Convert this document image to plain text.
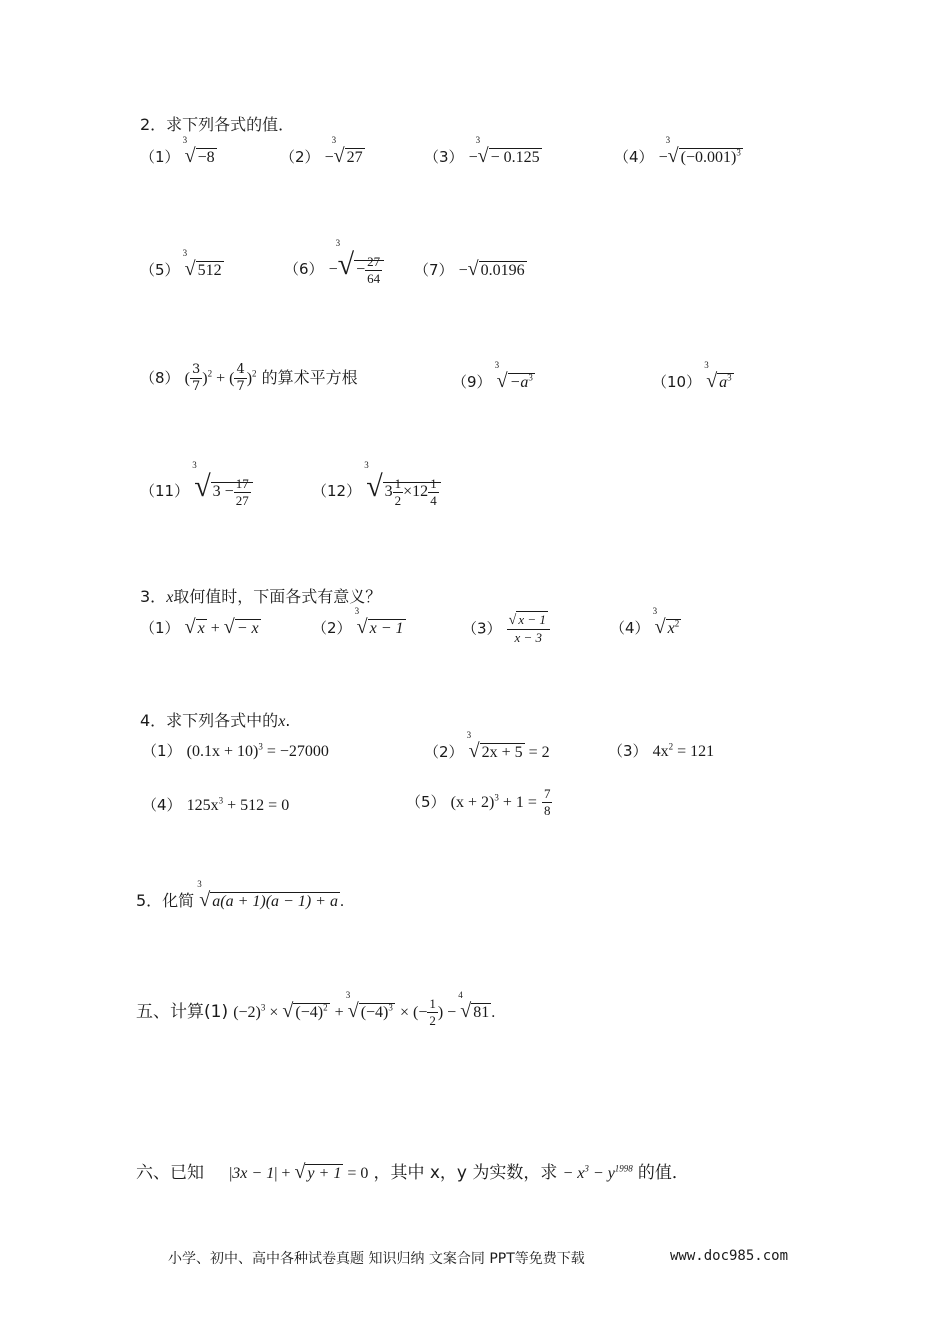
2．求下列各式的值．
（1）
3
√ −8	（2） −
3
√ 27	（3） −
3
√ − 0.125	（4） −
3
√ $(-0.001)^3$
（5）
3
√ 512	（6） −
3
√ − $\frac{27}{64} (7)$ −√ 0.0196
（8） ( $\frac{3}{7} )^2$ + ( $\frac{4}{7} )^2$ 的算术平方根	（9）
3
√ $-a^3$	（10）
3
√ $a^3$
（11）
3
√ $3 - \frac{17}{27}$	（12）
3
√ $3 \frac{1}{2} \times 12 \frac{1}{4}$
3．x取何值时，下面各式有意义？
（1） √ x + √ − x	（2）
3
√ x − 1	$(3) \frac{√ x - 1}{x - 3}$	（4）
3
√ $x^2$
4．求下列各式中的x.
（1） $(0.1x + 10)^3 = -27000$	（2）
3
√ 2x + 5 = 2	（3） $4x^2 = 121$
（4） $125x^3 + 512 = 0$	（5） $(x + 2)^3 + 1 = \frac{7}{8}$
5．化简
3
√ a(a + 1)(a − 1) + a .
五、计算(1) $(-2)^3$ × √ $(-4)^2$ +
3
√ $(-4)^3$ × (− $\frac{1}{2}$ ) −
4
√ 81 .
六、已知 |3x − 1| + √ y + 1 = 0 ，其中 x，y 为实数，求 − $x^3 - y^{1998}$ 的值．
小学、初中、高中各种试卷真题 知识归纳 文案合同 PPT等免费下载	www.doc985.com
